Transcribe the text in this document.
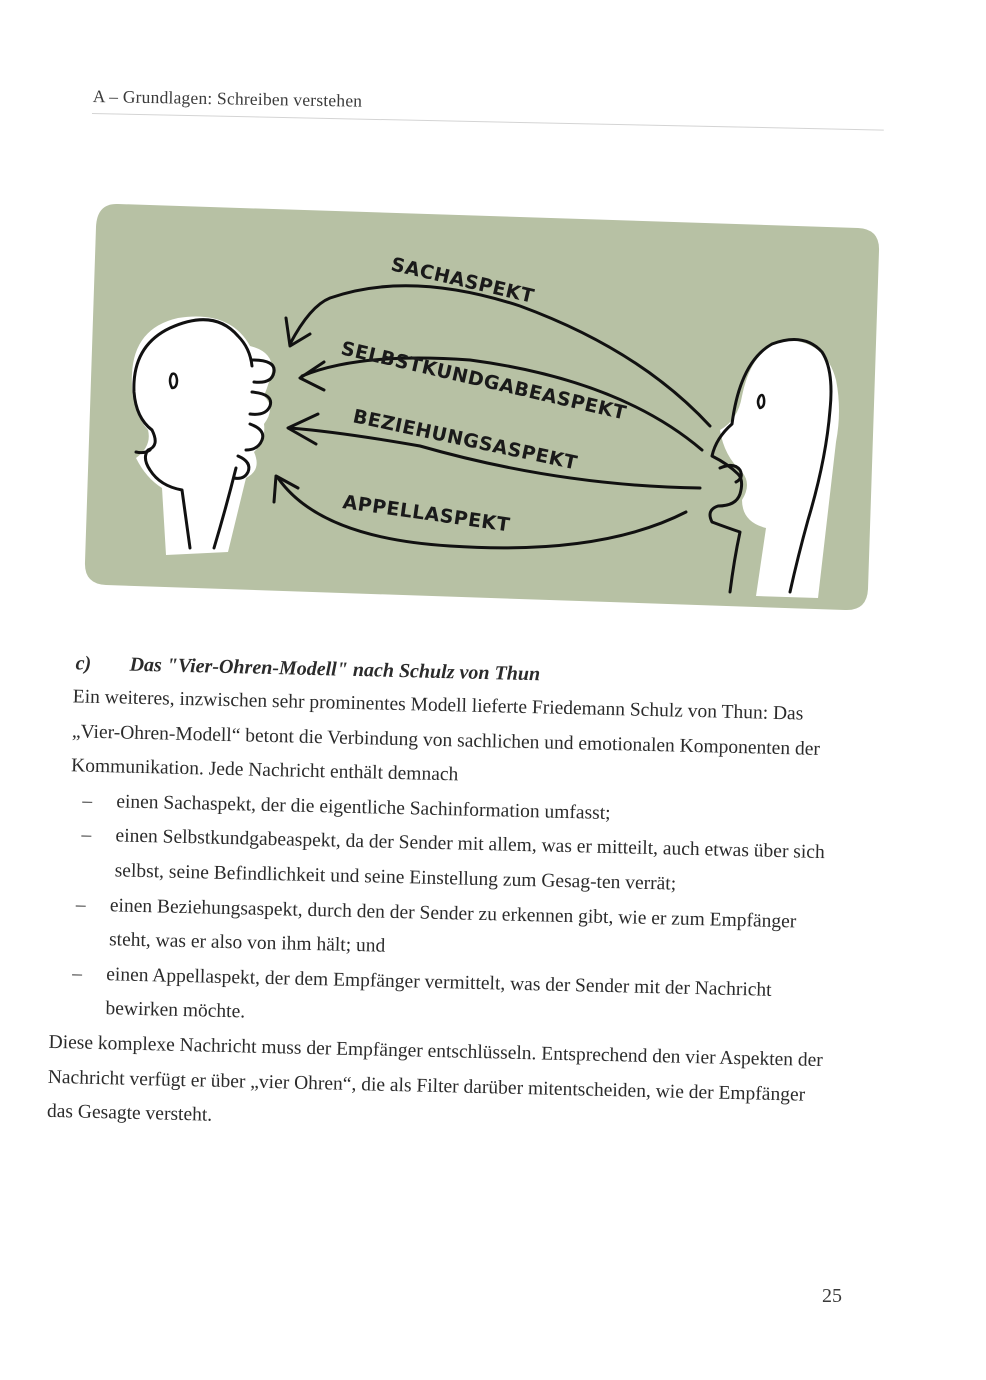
A – Grundlagen: Schreiben verstehen
SACHASPEKT
SELBSTKUNDGABEASPEKT
BEZIEHUNGSASPEKT
APPELLASPEKT
c) Das "Vier-Ohren-Modell" nach Schulz von Thun

Ein weiteres, inzwischen sehr prominentes Modell lieferte Friedemann Schulz von Thun: Das „Vier-Ohren-Modell“ betont die Verbindung von sachlichen und emotionalen Komponenten der Kommunikation. Jede Nachricht enthält demnach

– einen Sachaspekt, der die eigentliche Sachinformation umfasst;
– einen Selbstkundgabeaspekt, da der Sender mit allem, was er mitteilt, auch etwas über sich selbst, seine Befindlichkeit und seine Einstellung zum Gesag-ten verrät;
– einen Beziehungsaspekt, durch den der Sender zu erkennen gibt, wie er zum Empfänger steht, was er also von ihm hält; und
– einen Appellaspekt, der dem Empfänger vermittelt, was der Sender mit der Nachricht bewirken möchte.

Diese komplexe Nachricht muss der Empfänger entschlüsseln. Entsprechend den vier Aspekten der Nachricht verfügt er über „vier Ohren“, die als Filter darüber mitentscheiden, wie der Empfänger das Gesagte versteht.

25
